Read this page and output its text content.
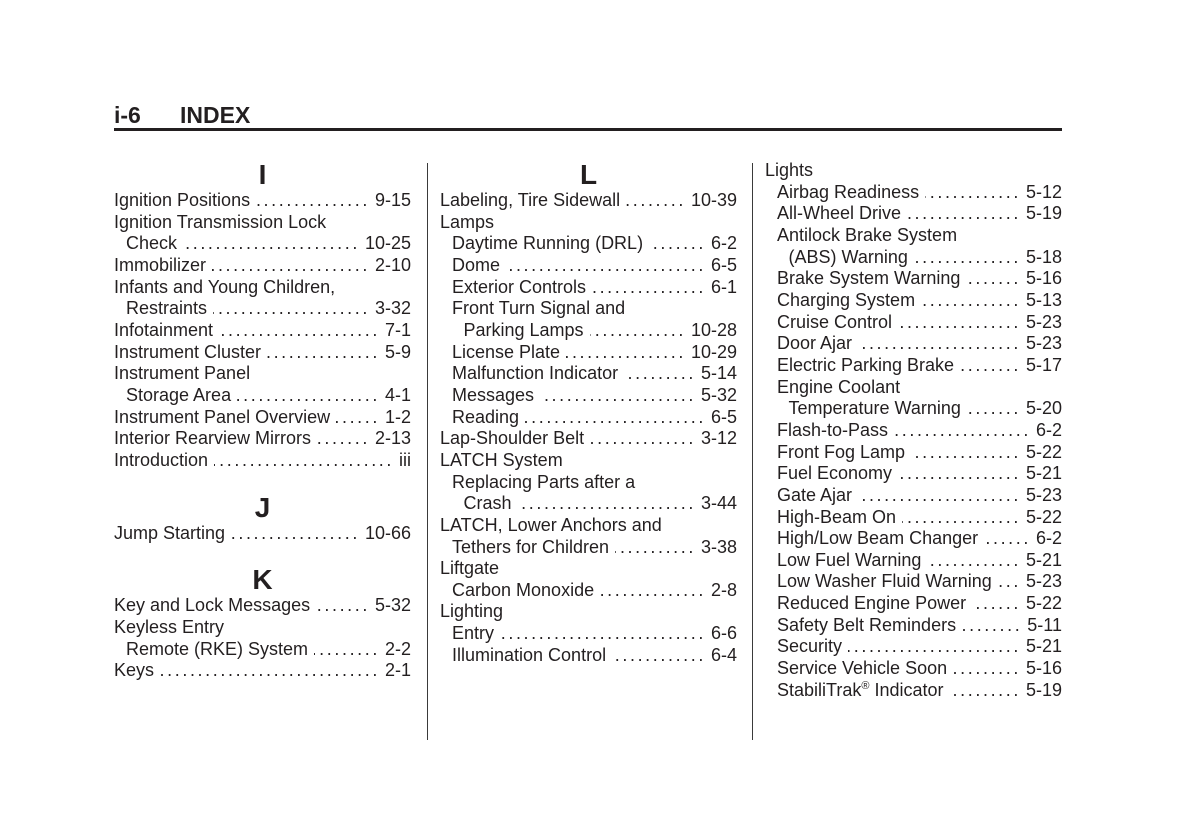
i-6 INDEX
I
Ignition Positions .....	9-15
Ignition Transmission Lock
Check .....	10-25
Immobilizer .....	2-10
Infants and Young Children,
Restraints .....	3-32
Infotainment .....	7-1
Instrument Cluster .....	5-9
Instrument Panel
Storage Area .....	4-1
Instrument Panel Overview .....	1-2
Interior Rearview Mirrors .....	2-13
Introduction .....	iii
J
Jump Starting .....	10-66
K
Key and Lock Messages .....	5-32
Keyless Entry
Remote (RKE) System .....	2-2
Keys .....	2-1
L
Labeling, Tire Sidewall .....	10-39
Lamps
Daytime Running (DRL) .....	6-2
Dome .....	6-5
Exterior Controls .....	6-1
Front Turn Signal and
Parking Lamps .....	10-28
License Plate .....	10-29
Malfunction Indicator .....	5-14
Messages .....	5-32
Reading .....	6-5
Lap-Shoulder Belt .....	3-12
LATCH System
Replacing Parts after a
Crash .....	3-44
LATCH, Lower Anchors and
Tethers for Children .....	3-38
Liftgate
Carbon Monoxide .....	2-8
Lighting
Entry .....	6-6
Illumination Control .....	6-4
Lights
Airbag Readiness .....	5-12
All-Wheel Drive .....	5-19
Antilock Brake System
(ABS) Warning .....	5-18
Brake System Warning .....	5-16
Charging System .....	5-13
Cruise Control .....	5-23
Door Ajar .....	5-23
Electric Parking Brake .....	5-17
Engine Coolant
Temperature Warning .....	5-20
Flash-to-Pass .....	6-2
Front Fog Lamp .....	5-22
Fuel Economy .....	5-21
Gate Ajar .....	5-23
High-Beam On .....	5-22
High/Low Beam Changer .....	6-2
Low Fuel Warning .....	5-21
Low Washer Fluid Warning ..... 5-23
Reduced Engine Power .....	5-22
Safety Belt Reminders .....	5-11
Security .....	5-21
Service Vehicle Soon .....	5-16
StabiliTrak® Indicator .....	5-19
